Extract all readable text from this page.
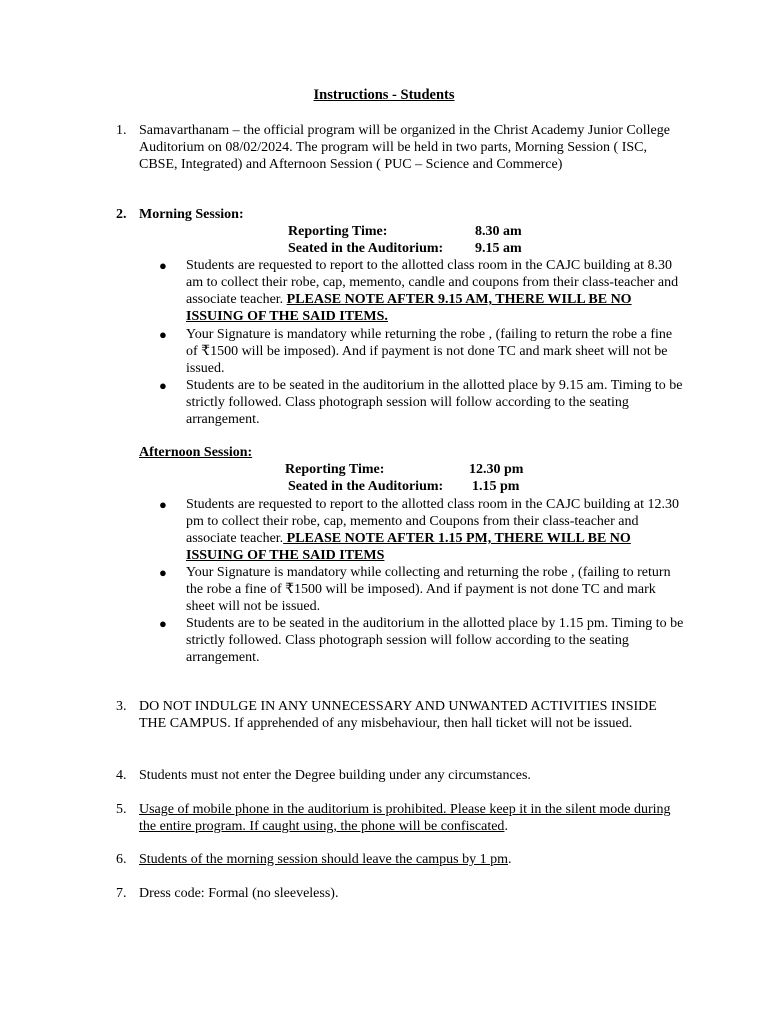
Instructions - Students
1. Samavarthanam – the official program will be organized in the Christ Academy Junior College Auditorium on 08/02/2024. The program will be held in two parts, Morning Session ( ISC, CBSE, Integrated) and Afternoon Session ( PUC – Science and Commerce)
2. Morning Session:
Reporting Time:	8.30 am
Seated in the Auditorium: 9.15 am
● Students are requested to report to the allotted class room in the CAJC building at 8.30 am to collect their robe, cap, memento, candle and coupons from their class-teacher and associate teacher. PLEASE NOTE AFTER 9.15 AM, THERE WILL BE NO ISSUING OF THE SAID ITEMS.
● Your Signature is mandatory while returning the robe , (failing to return the robe a fine of ₹1500 will be imposed). And if payment is not done TC and mark sheet will not be issued.
● Students are to be seated in the auditorium in the allotted place by 9.15 am. Timing to be strictly followed. Class photograph session will follow according to the seating arrangement.
Afternoon Session:
Reporting Time:	12.30 pm
Seated in the Auditorium: 1.15 pm
● Students are requested to report to the allotted class room in the CAJC building at 12.30 pm to collect their robe, cap, memento and Coupons from their class-teacher and associate teacher. PLEASE NOTE AFTER 1.15 PM, THERE WILL BE NO ISSUING OF THE SAID ITEMS
● Your Signature is mandatory while collecting and returning the robe , (failing to return the robe a fine of ₹1500 will be imposed). And if payment is not done TC and mark sheet will not be issued.
● Students are to be seated in the auditorium in the allotted place by 1.15 pm. Timing to be strictly followed. Class photograph session will follow according to the seating arrangement.
3. DO NOT INDULGE IN ANY UNNECESSARY AND UNWANTED ACTIVITIES INSIDE THE CAMPUS. If apprehended of any misbehaviour, then hall ticket will not be issued.
4. Students must not enter the Degree building under any circumstances.
5. Usage of mobile phone in the auditorium is prohibited. Please keep it in the silent mode during the entire program. If caught using, the phone will be confiscated.
6. Students of the morning session should leave the campus by 1 pm.
7. Dress code: Formal (no sleeveless).
